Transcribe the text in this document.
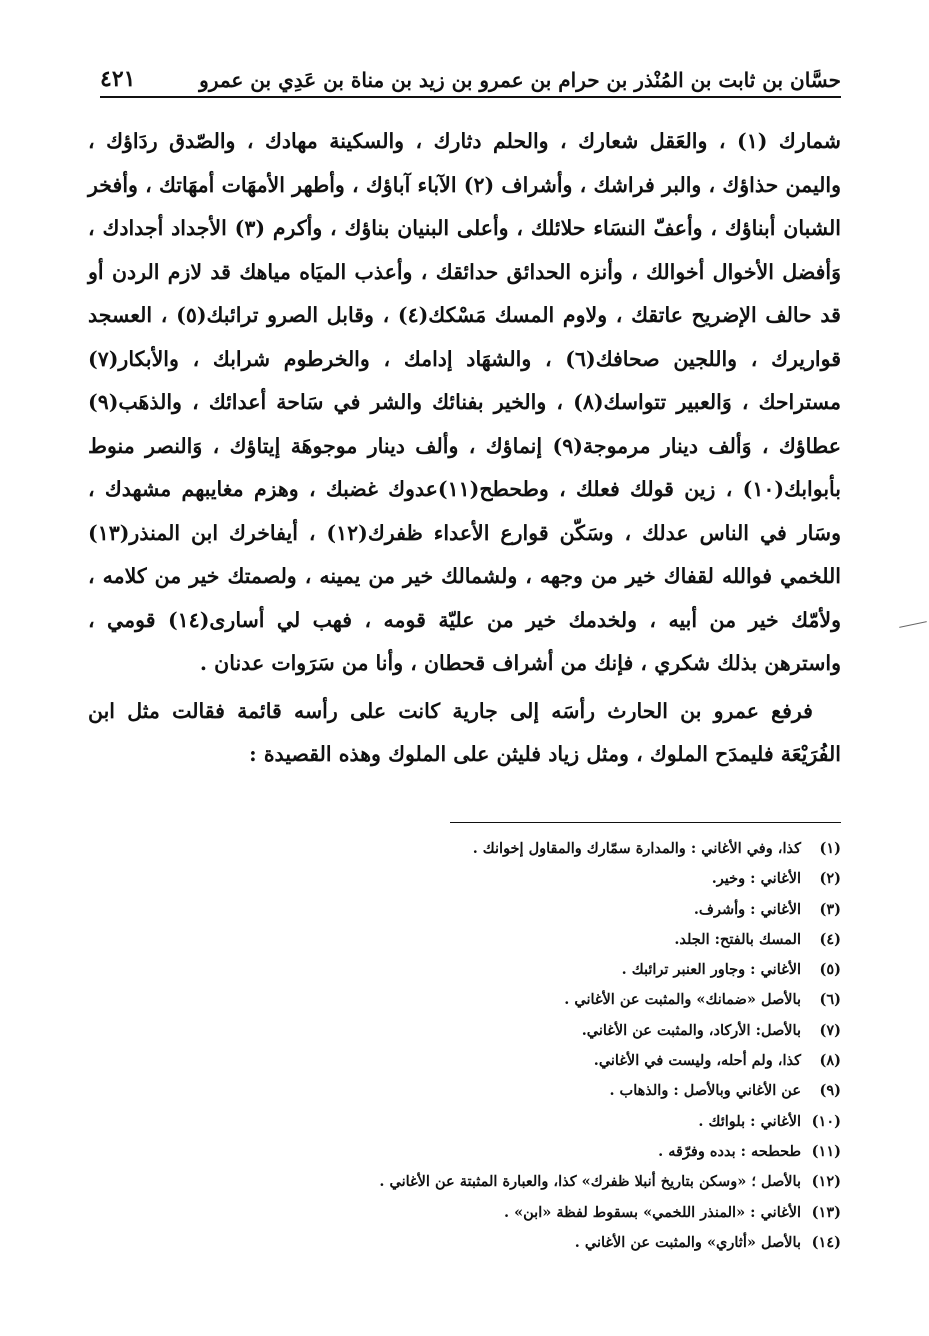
حسَّان بن ثابت بن المُنْذر بن حرام بن عمرو بن زيد بن مناة بن عَدِي بن عمرو
٤٢١

شمارك (١) ، والعَقل شعارك ، والحلم دثارك ، والسكينة مهادك ، والصّدق ردَاؤك ، واليمن حذاؤك ، والبر فراشك ، وأشراف (٢) الآباء آباؤك ، وأطهر الأمهَات أمهَاتك ، وأفخر الشبان أبناؤك ، وأعفّ النسَاء حلائلك ، وأعلى البنيان بناؤك ، وأكرم (٣) الأجداد أجدادك ، وَأفضل الأخوال أخوالك ، وأنزه الحدائق حدائقك ، وأعذب الميَاه مياهك قد لازم الردن أو قد حالف الإضريح عاتقك ، ولاوم المسك مَسْكك(٤) ، وقابل الصرو ترائبك(٥) ، العسجد قواريرك ، واللجين صحافك(٦) ، والشهَاد إدامك ، والخرطوم شرابك ، والأبكار(٧) مستراحك ، وَالعبير تتواسك(٨) ، والخير بفنائك والشر في سَاحة أعدائك ، والذهَب(٩) عطاؤك ، وَألف دينار مرموجة(٩) إنماؤك ، وألف دينار موجوهَة إيتاؤك ، وَالنصر منوط بأبوابك(١٠) ، زين قولك فعلك ، وطحطح(١١)عدوك غضبك ، وهزم مغايبهم مشهدك ، وسَار في الناس عدلك ، وسَكّن قوارع الأعداء ظفرك(١٢) ، أيفاخرك ابن المنذر(١٣) اللخمي فوالله لقفاك خير من وجهه ، ولشمالك خير من يمينه ، ولصمتك خير من كلامه ، ولأمّك خير من أبيه ، ولخدمك خير من عليّة قومه ، فهب لي أسارى(١٤) قومي ، واسترهن بذلك شكري ، فإنك من أشراف قحطان ، وأنا من سَرَوات عدنان .

فرفع عمرو بن الحارث رأسَه إلى جارية كانت على رأسه قائمة فقالت مثل ابن الفُرَيْعَة فليمدَح الملوك ، ومثل زياد فليثن على الملوك وهذه القصيدة :

(١)كذا، وفي الأغاني : والمدارة سمّارك والمقاول إخوانك .
(٢)الأغاني : وخير.
(٣)الأغاني : وأشرف.
(٤)المسك بالفتح: الجلد.
(٥)الأغاني : وجاور العنبر ترائبك .
(٦)بالأصل «ضمانك» والمثبت عن الأغاني .
(٧)بالأصل: الأركاد، والمثبت عن الأغاني.
(٨)كذا، ولم أحله، وليست في الأغاني.
(٩)عن الأغاني وبالأصل : والذهاب .
(١٠)الأغاني : بلوائك .
(١١)طحطحه : بدده وفرّقه .
(١٢)بالأصل ؛ «وسكن بتاريخ أنبلا ظفرك» كذا، والعبارة المثبتة عن الأغاني .
(١٣)الأغاني : «المنذر اللخمي» بسقوط لفظة «ابن» .
(١٤)بالأصل «أثاري» والمثبت عن الأغاني .
